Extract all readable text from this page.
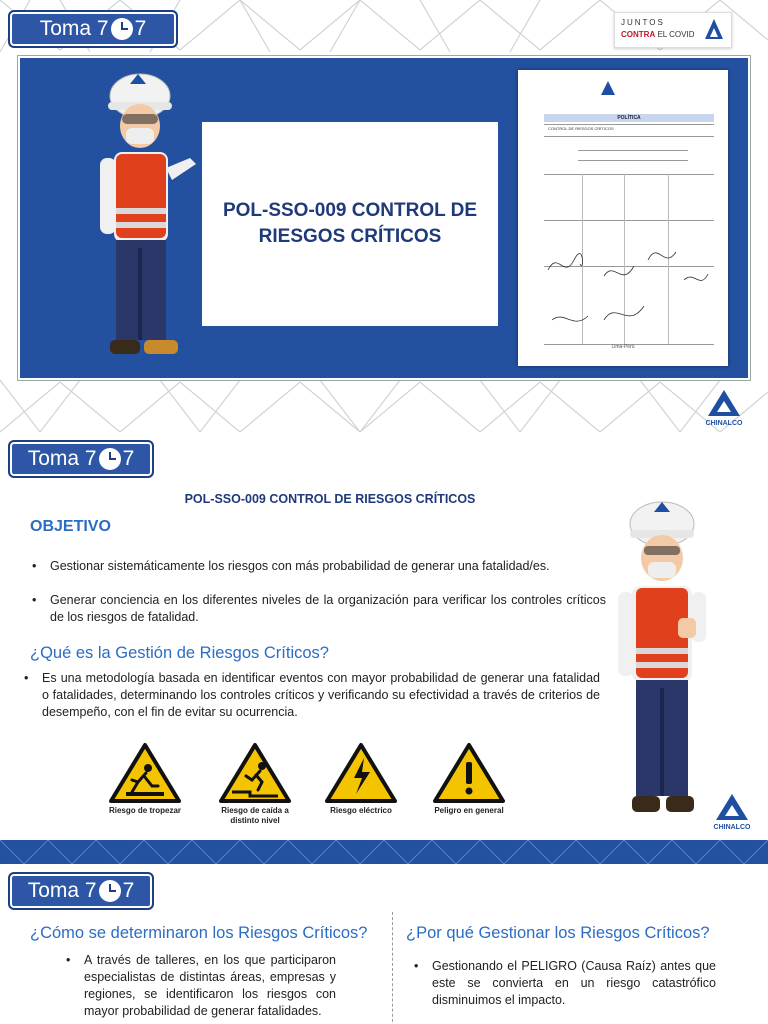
Toma 7 7	JUNTOS
CONTRA EL COVID
POL-SSO-009 CONTROL DE RIESGOS CRÍTICOS
POLÍTICA
CONTROL DE RIESGOS CRÍTICOS
Lima-Perú
CHINALCO
Toma 7 7
POL-SSO-009 CONTROL DE RIESGOS CRÍTICOS
OBJETIVO
• Gestionar sistemáticamente los riesgos con más probabilidad de generar una fatalidad/es.
• Generar conciencia en los diferentes niveles de la organización para verificar los controles críticos de los riesgos de fatalidad.
¿Qué es la Gestión de Riesgos Críticos?
• Es una metodología basada en identificar eventos con mayor probabilidad de generar una fatalidad o fatalidades, determinando los controles críticos y verificando su efectividad a través de criterios de desempeño, con el fin de evitar su ocurrencia.
Riesgo de tropezar	Riesgo de caída a distinto nivel
Riesgo eléctrico	Peligro en general
CHINALCO
Toma 7 7
¿Cómo se determinaron los Riesgos Críticos? ¿Por qué Gestionar los Riesgos Críticos?
• A través de talleres, en los que participaron especialistas de distintas áreas, empresas y regiones, se identificaron los riesgos con mayor probabilidad de generar fatalidades.
• Gestionando el PELIGRO (Causa Raíz) antes que este se convierta en un riesgo catastrófico disminuimos el impacto.
